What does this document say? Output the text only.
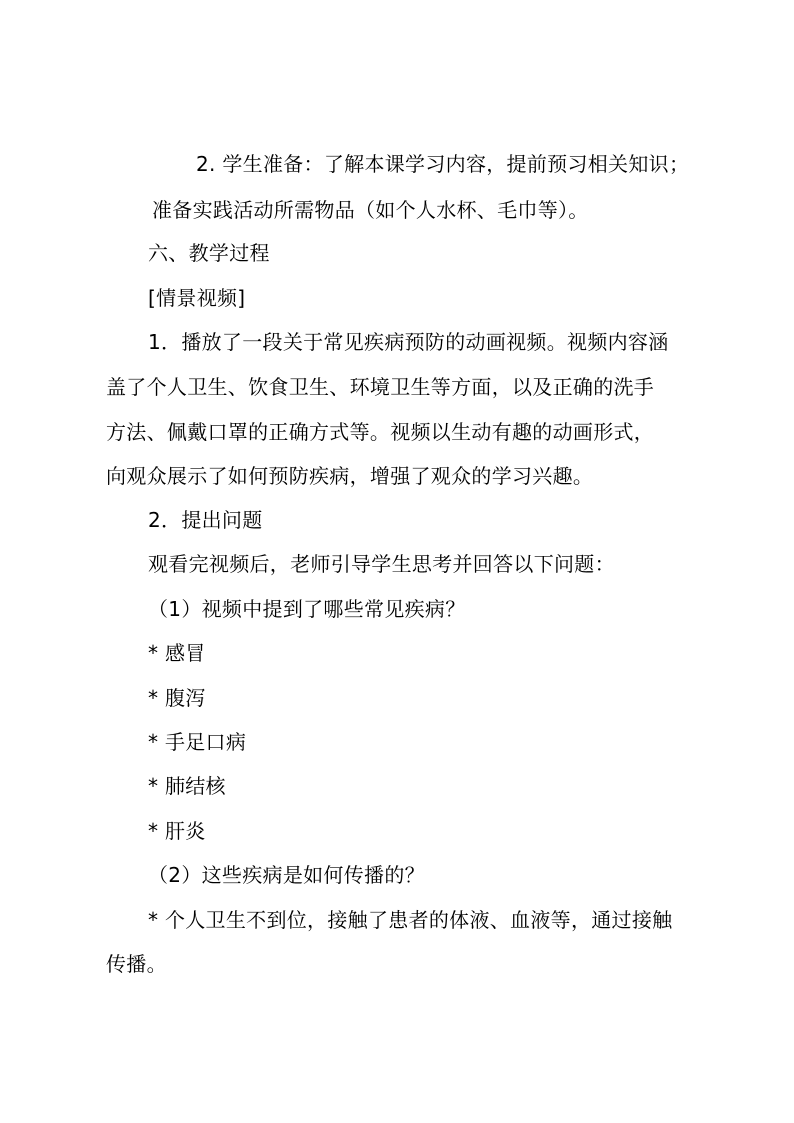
2. 学生准备：了解本课学习内容，提前预习相关知识；
准备实践活动所需物品（如个人水杯、毛巾等）。
六、教学过程
[情景视频]
1．播放了一段关于常见疾病预防的动画视频。视频内容涵
盖了个人卫生、饮食卫生、环境卫生等方面，以及正确的洗手
方法、佩戴口罩的正确方式等。视频以生动有趣的动画形式，
向观众展示了如何预防疾病，增强了观众的学习兴趣。
2．提出问题
观看完视频后，老师引导学生思考并回答以下问题：
（1）视频中提到了哪些常见疾病？
* 感冒
* 腹泻
* 手足口病
* 肺结核
* 肝炎
（2）这些疾病是如何传播的？
* 个人卫生不到位，接触了患者的体液、血液等，通过接触
传播。
